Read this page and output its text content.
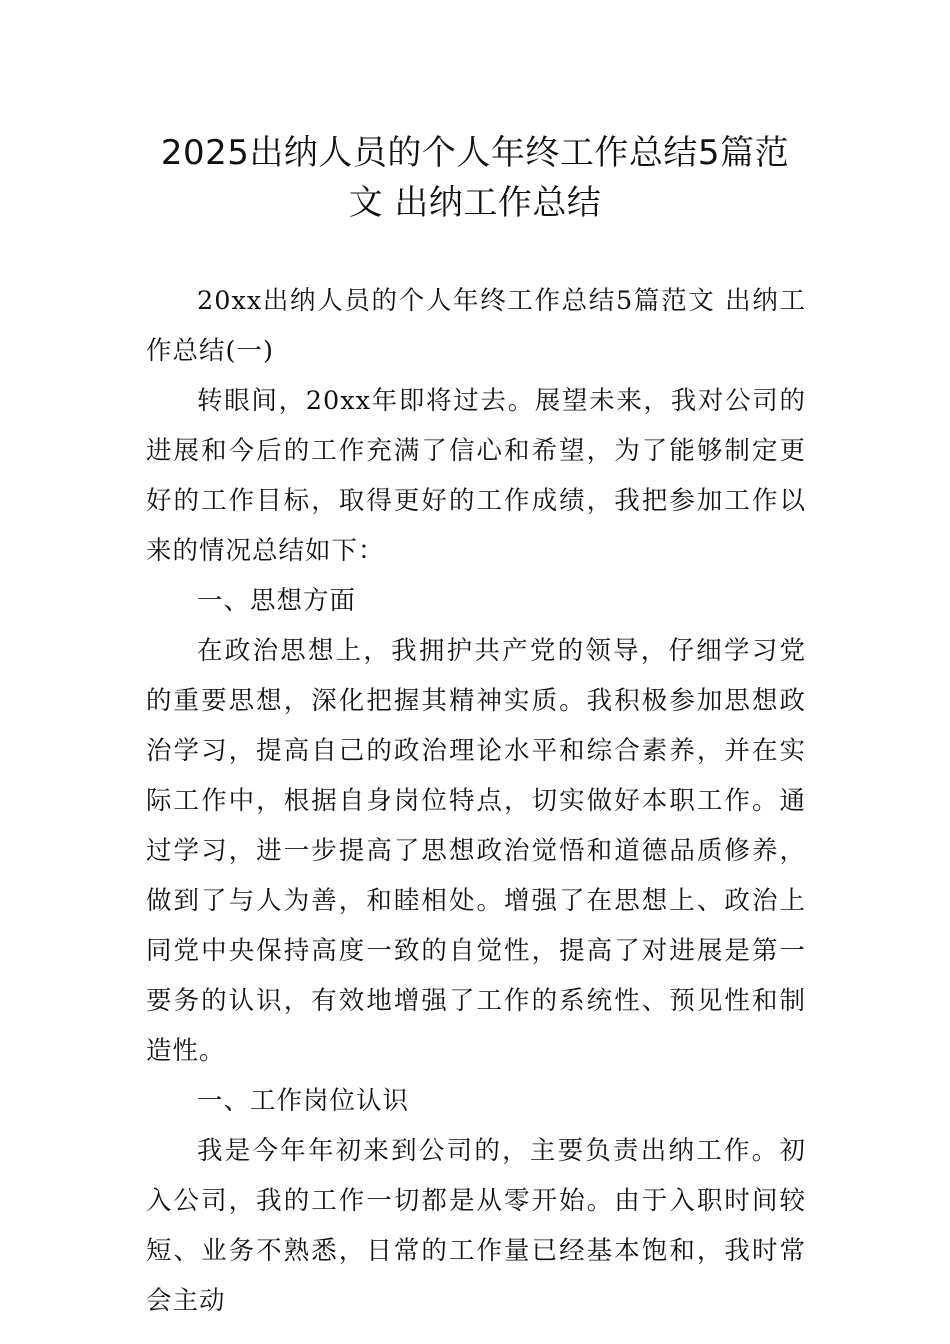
2025出纳人员的个人年终工作总结5篇范
文 出纳工作总结

20xx出纳人员的个人年终工作总结5篇范文 出纳工作总结(一)

转眼间，20xx年即将过去。展望未来，我对公司的进展和今后的工作充满了信心和希望，为了能够制定更好的工作目标，取得更好的工作成绩，我把参加工作以来的情况总结如下：

一、思想方面

在政治思想上，我拥护共产党的领导，仔细学习党的重要思想，深化把握其精神实质。我积极参加思想政治学习，提高自己的政治理论水平和综合素养，并在实际工作中，根据自身岗位特点，切实做好本职工作。通过学习，进一步提高了思想政治觉悟和道德品质修养，做到了与人为善，和睦相处。增强了在思想上、政治上同党中央保持高度一致的自觉性，提高了对进展是第一要务的认识，有效地增强了工作的系统性、预见性和制造性。

一、工作岗位认识

我是今年年初来到公司的，主要负责出纳工作。初入公司，我的工作一切都是从零开始。由于入职时间较短、业务不熟悉，日常的工作量已经基本饱和，我时常会主动
